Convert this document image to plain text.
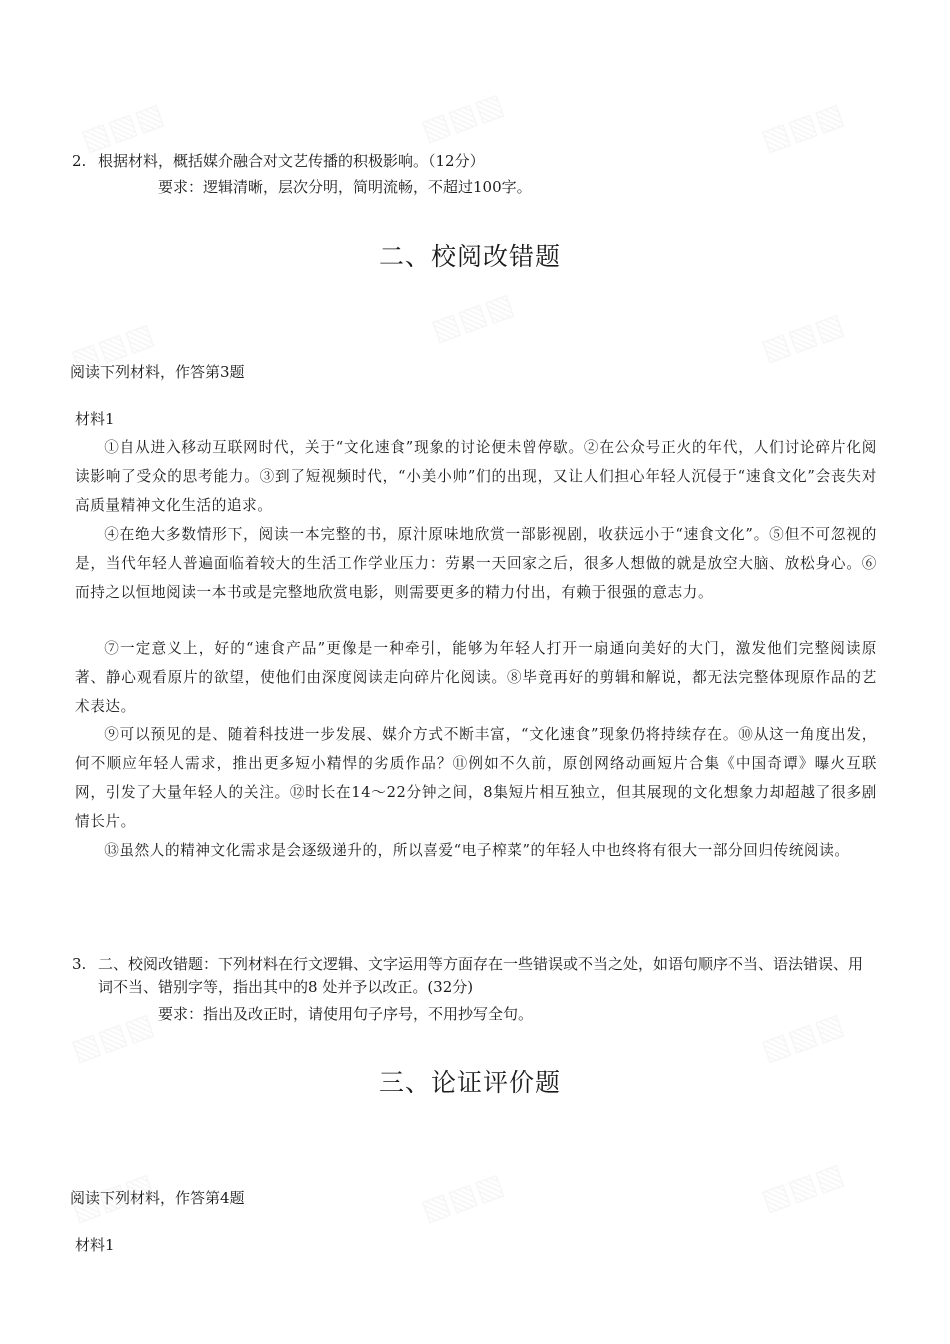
2. 根据材料，概括媒介融合对文艺传播的积极影响。（12分）
要求：逻辑清晰，层次分明，简明流畅，不超过100字。
二、校阅改错题
阅读下列材料，作答第3题
材料1
①自从进入移动互联网时代，关于“文化速食”现象的讨论便未曾停歇。②在公众号正火的年代，人们讨论碎片化阅读影响了受众的思考能力。③到了短视频时代，“小美小帅”们的出现，又让人们担心年轻人沉侵于“速食文化”会丧失对高质量精神文化生活的追求。
④在绝大多数情形下，阅读一本完整的书，原汁原味地欣赏一部影视剧，收获远小于“速食文化”。⑤但不可忽视的是，当代年轻人普遍面临着较大的生活工作学业压力：劳累一天回家之后，很多人想做的就是放空大脑、放松身心。⑥而持之以恒地阅读一本书或是完整地欣赏电影，则需要更多的精力付出，有赖于很强的意志力。
⑦一定意义上，好的“速食产品”更像是一种牵引，能够为年轻人打开一扇通向美好的大门，激发他们完整阅读原著、静心观看原片的欲望，使他们由深度阅读走向碎片化阅读。⑧毕竟再好的剪辑和解说，都无法完整体现原作品的艺术表达。
⑨可以预见的是、随着科技进一步发展、媒介方式不断丰富，“文化速食”现象仍将持续存在。⑩从这一角度出发，何不顺应年轻人需求，推出更多短小精悍的劣质作品？⑪例如不久前，原创网络动画短片合集《中国奇谭》曝火互联网，引发了大量年轻人的关注。⑫时长在14～22分钟之间，8集短片相互独立，但其展现的文化想象力却超越了很多剧情长片。
⑬虽然人的精神文化需求是会逐级递升的，所以喜爱“电子榨菜”的年轻人中也终将有很大一部分回归传统阅读。
3. 二、校阅改错题：下列材料在行文逻辑、文字运用等方面存在一些错误或不当之处，如语句顺序不当、语法错误、用词不当、错别字等，指出其中的8 处并予以改正。(32分)
要求：指出及改正时，请使用句子序号，不用抄写全句。
三、论证评价题
阅读下列材料，作答第4题
材料1
